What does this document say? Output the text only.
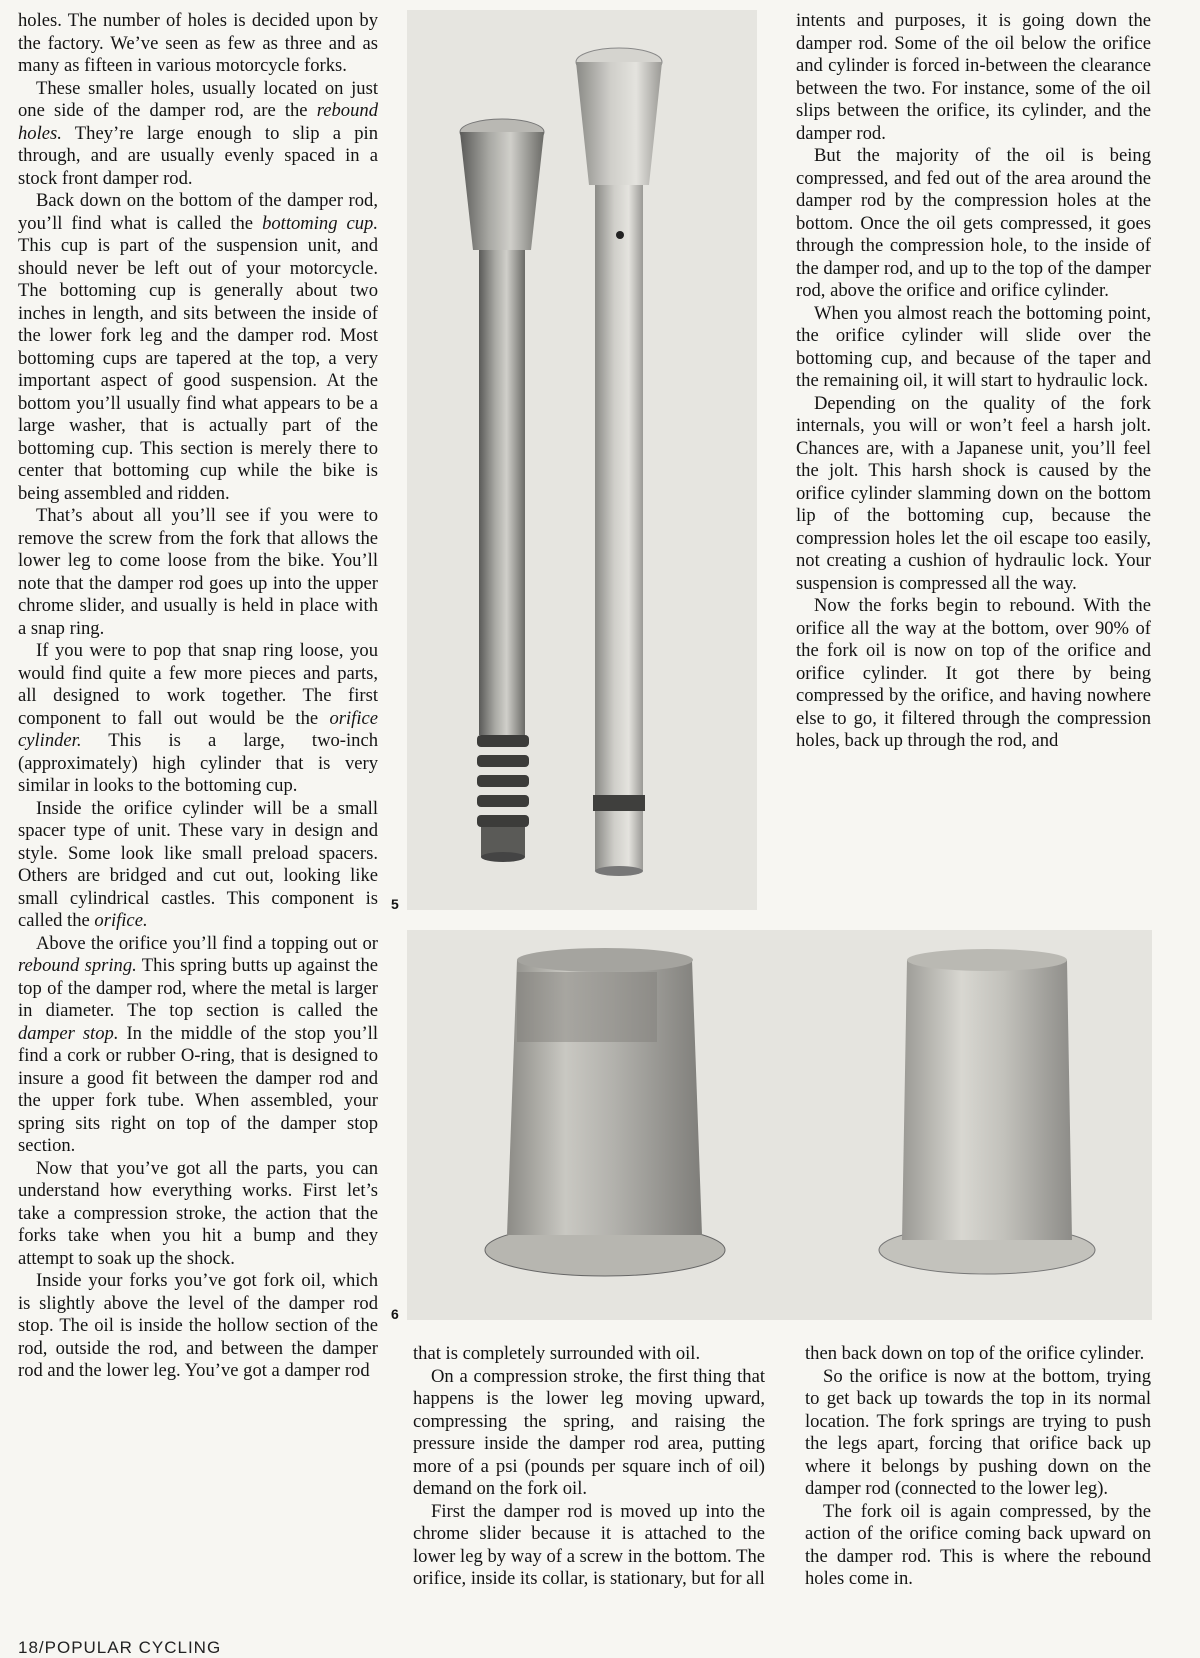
holes. The number of holes is decided upon by the factory. We’ve seen as few as three and as many as fifteen in various motorcycle forks.

These smaller holes, usually located on just one side of the damper rod, are the rebound holes. They’re large enough to slip a pin through, and are usually evenly spaced in a stock front damper rod.

Back down on the bottom of the damper rod, you’ll find what is called the bottoming cup. This cup is part of the suspension unit, and should never be left out of your motorcycle. The bottoming cup is generally about two inches in length, and sits between the inside of the lower fork leg and the damper rod. Most bottoming cups are tapered at the top, a very important aspect of good suspension. At the bottom you’ll usually find what appears to be a large washer, that is actually part of the bottoming cup. This section is merely there to center that bottoming cup while the bike is being assembled and ridden.

That’s about all you’ll see if you were to remove the screw from the fork that allows the lower leg to come loose from the bike. You’ll note that the damper rod goes up into the upper chrome slider, and usually is held in place with a snap ring.

If you were to pop that snap ring loose, you would find quite a few more pieces and parts, all designed to work together. The first component to fall out would be the orifice cylinder. This is a large, two-inch (approximately) high cylinder that is very similar in looks to the bottoming cup.

Inside the orifice cylinder will be a small spacer type of unit. These vary in design and style. Some look like small preload spacers. Others are bridged and cut out, looking like small cylindrical castles. This component is called the orifice.

Above the orifice you’ll find a topping out or rebound spring. This spring butts up against the top of the damper rod, where the metal is larger in diameter. The top section is called the damper stop. In the middle of the stop you’ll find a cork or rubber O-ring, that is designed to insure a good fit between the damper rod and the upper fork tube. When assembled, your spring sits right on top of the damper stop section.

Now that you’ve got all the parts, you can understand how everything works. First let’s take a compression stroke, the action that the forks take when you hit a bump and they attempt to soak up the shock.

Inside your forks you’ve got fork oil, which is slightly above the level of the damper rod stop. The oil is inside the hollow section of the rod, outside the rod, and between the damper rod and the lower leg. You’ve got a damper rod

5

intents and purposes, it is going down the damper rod. Some of the oil below the orifice and cylinder is forced in-between the clearance between the two. For instance, some of the oil slips between the orifice, its cylinder, and the damper rod.

But the majority of the oil is being compressed, and fed out of the area around the damper rod by the compression holes at the bottom. Once the oil gets compressed, it goes through the compression hole, to the inside of the damper rod, and up to the top of the damper rod, above the orifice and orifice cylinder.

When you almost reach the bottoming point, the orifice cylinder will slide over the bottoming cup, and because of the taper and the remaining oil, it will start to hydraulic lock.

Depending on the quality of the fork internals, you will or won’t feel a harsh jolt. Chances are, with a Japanese unit, you’ll feel the jolt. This harsh shock is caused by the orifice cylinder slamming down on the bottom lip of the bottoming cup, because the compression holes let the oil escape too easily, not creating a cushion of hydraulic lock. Your suspension is compressed all the way.

Now the forks begin to rebound. With the orifice all the way at the bottom, over 90% of the fork oil is now on top of the orifice and orifice cylinder. It got there by being compressed by the orifice, and having nowhere else to go, it filtered through the compression holes, back up through the rod, and

6

that is completely surrounded with oil.

On a compression stroke, the first thing that happens is the lower leg moving upward, compressing the spring, and raising the pressure inside the damper rod area, putting more of a psi (pounds per square inch of oil) demand on the fork oil.

First the damper rod is moved up into the chrome slider because it is attached to the lower leg by way of a screw in the bottom. The orifice, inside its collar, is stationary, but for all

then back down on top of the orifice cylinder.

So the orifice is now at the bottom, trying to get back up towards the top in its normal location. The fork springs are trying to push the legs apart, forcing that orifice back up where it belongs by pushing down on the damper rod (connected to the lower leg).

The fork oil is again compressed, by the action of the orifice coming back upward on the damper rod. This is where the rebound holes come in.

18/POPULAR CYCLING
